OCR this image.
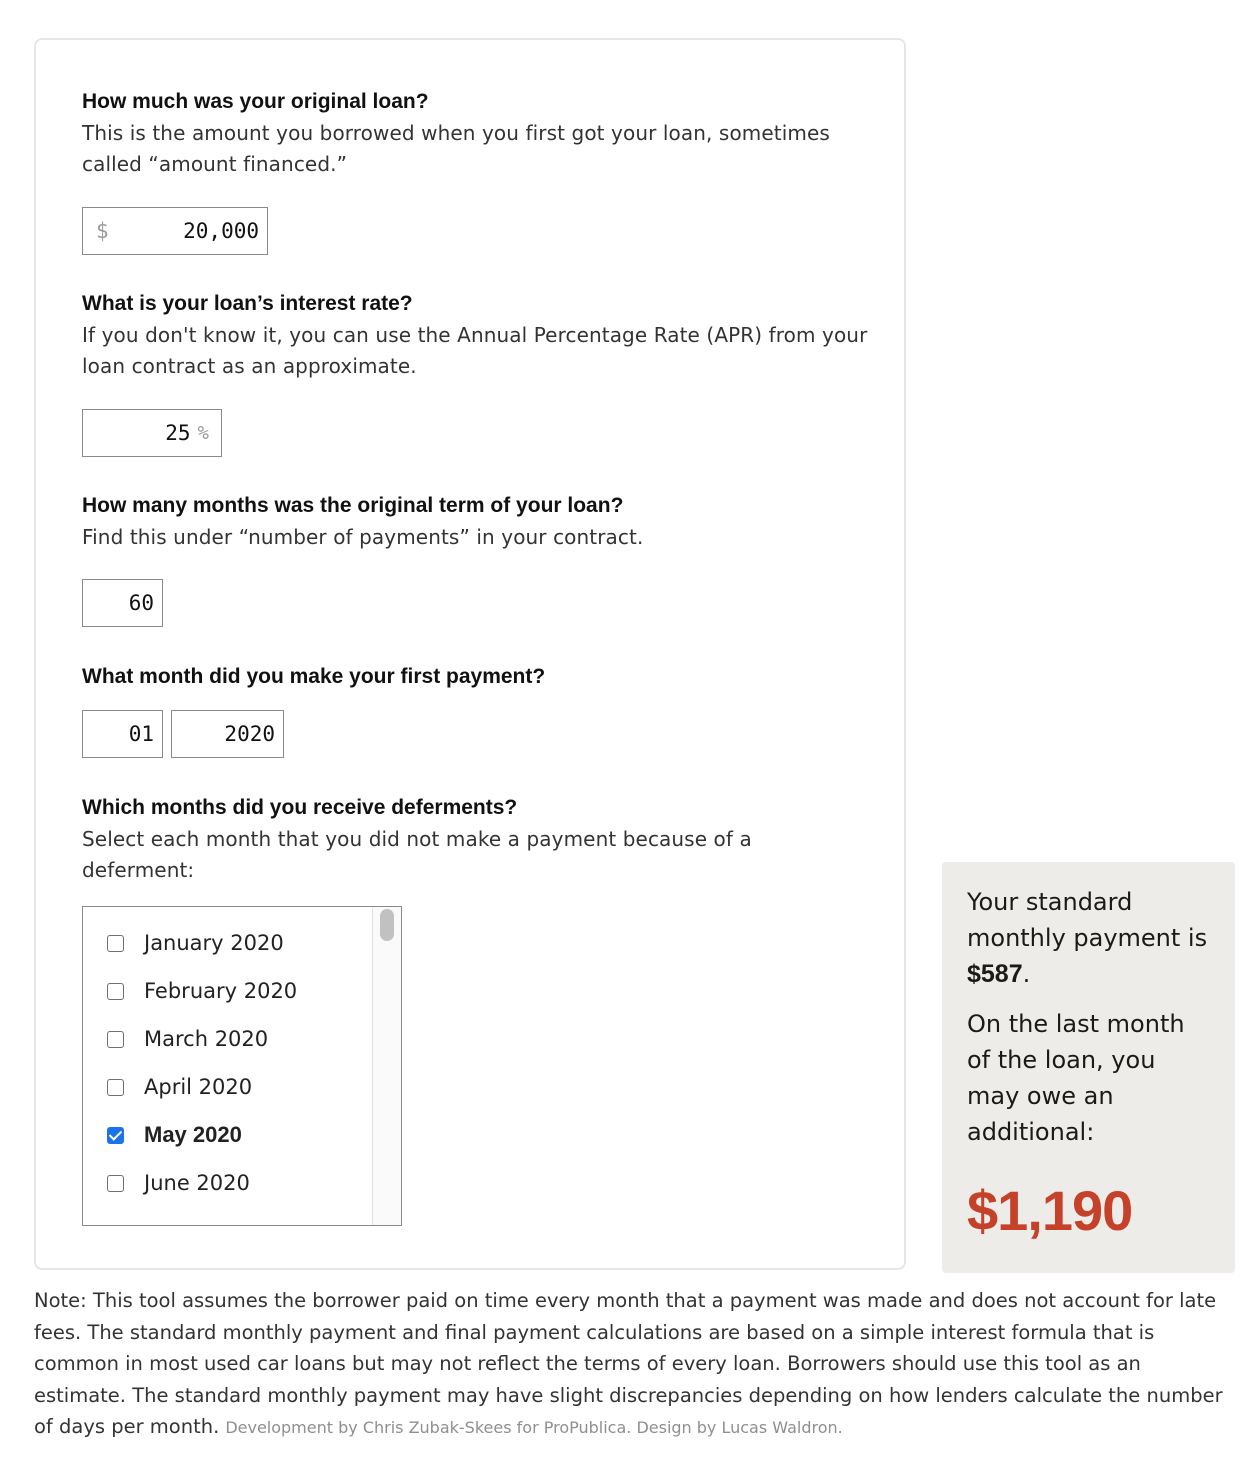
How much was your original loan?

This is the amount you borrowed when you first got your loan, sometimes called “amount financed.”

$	20,000

What is your loan’s interest rate?

If you don't know it, you can use the Annual Percentage Rate (APR) from your loan contract as an approximate.

25 %

How many months was the original term of your loan?

Find this under “number of payments” in your contract.

60

What month did you make your first payment?

01	2020

Which months did you receive deferments?

Select each month that you did not make a payment because of a deferment:

January 2020
February 2020
March 2020
April 2020
May 2020
June 2020

Your standard monthly payment is $587.

On the last month of the loan, you may owe an additional:

$1,190

Note: This tool assumes the borrower paid on time every month that a payment was made and does not account for late fees. The standard monthly payment and final payment calculations are based on a simple interest formula that is common in most used car loans but may not reflect the terms of every loan. Borrowers should use this tool as an estimate. The standard monthly payment may have slight discrepancies depending on how lenders calculate the number of days per month. Development by Chris Zubak-Skees for ProPublica. Design by Lucas Waldron.
